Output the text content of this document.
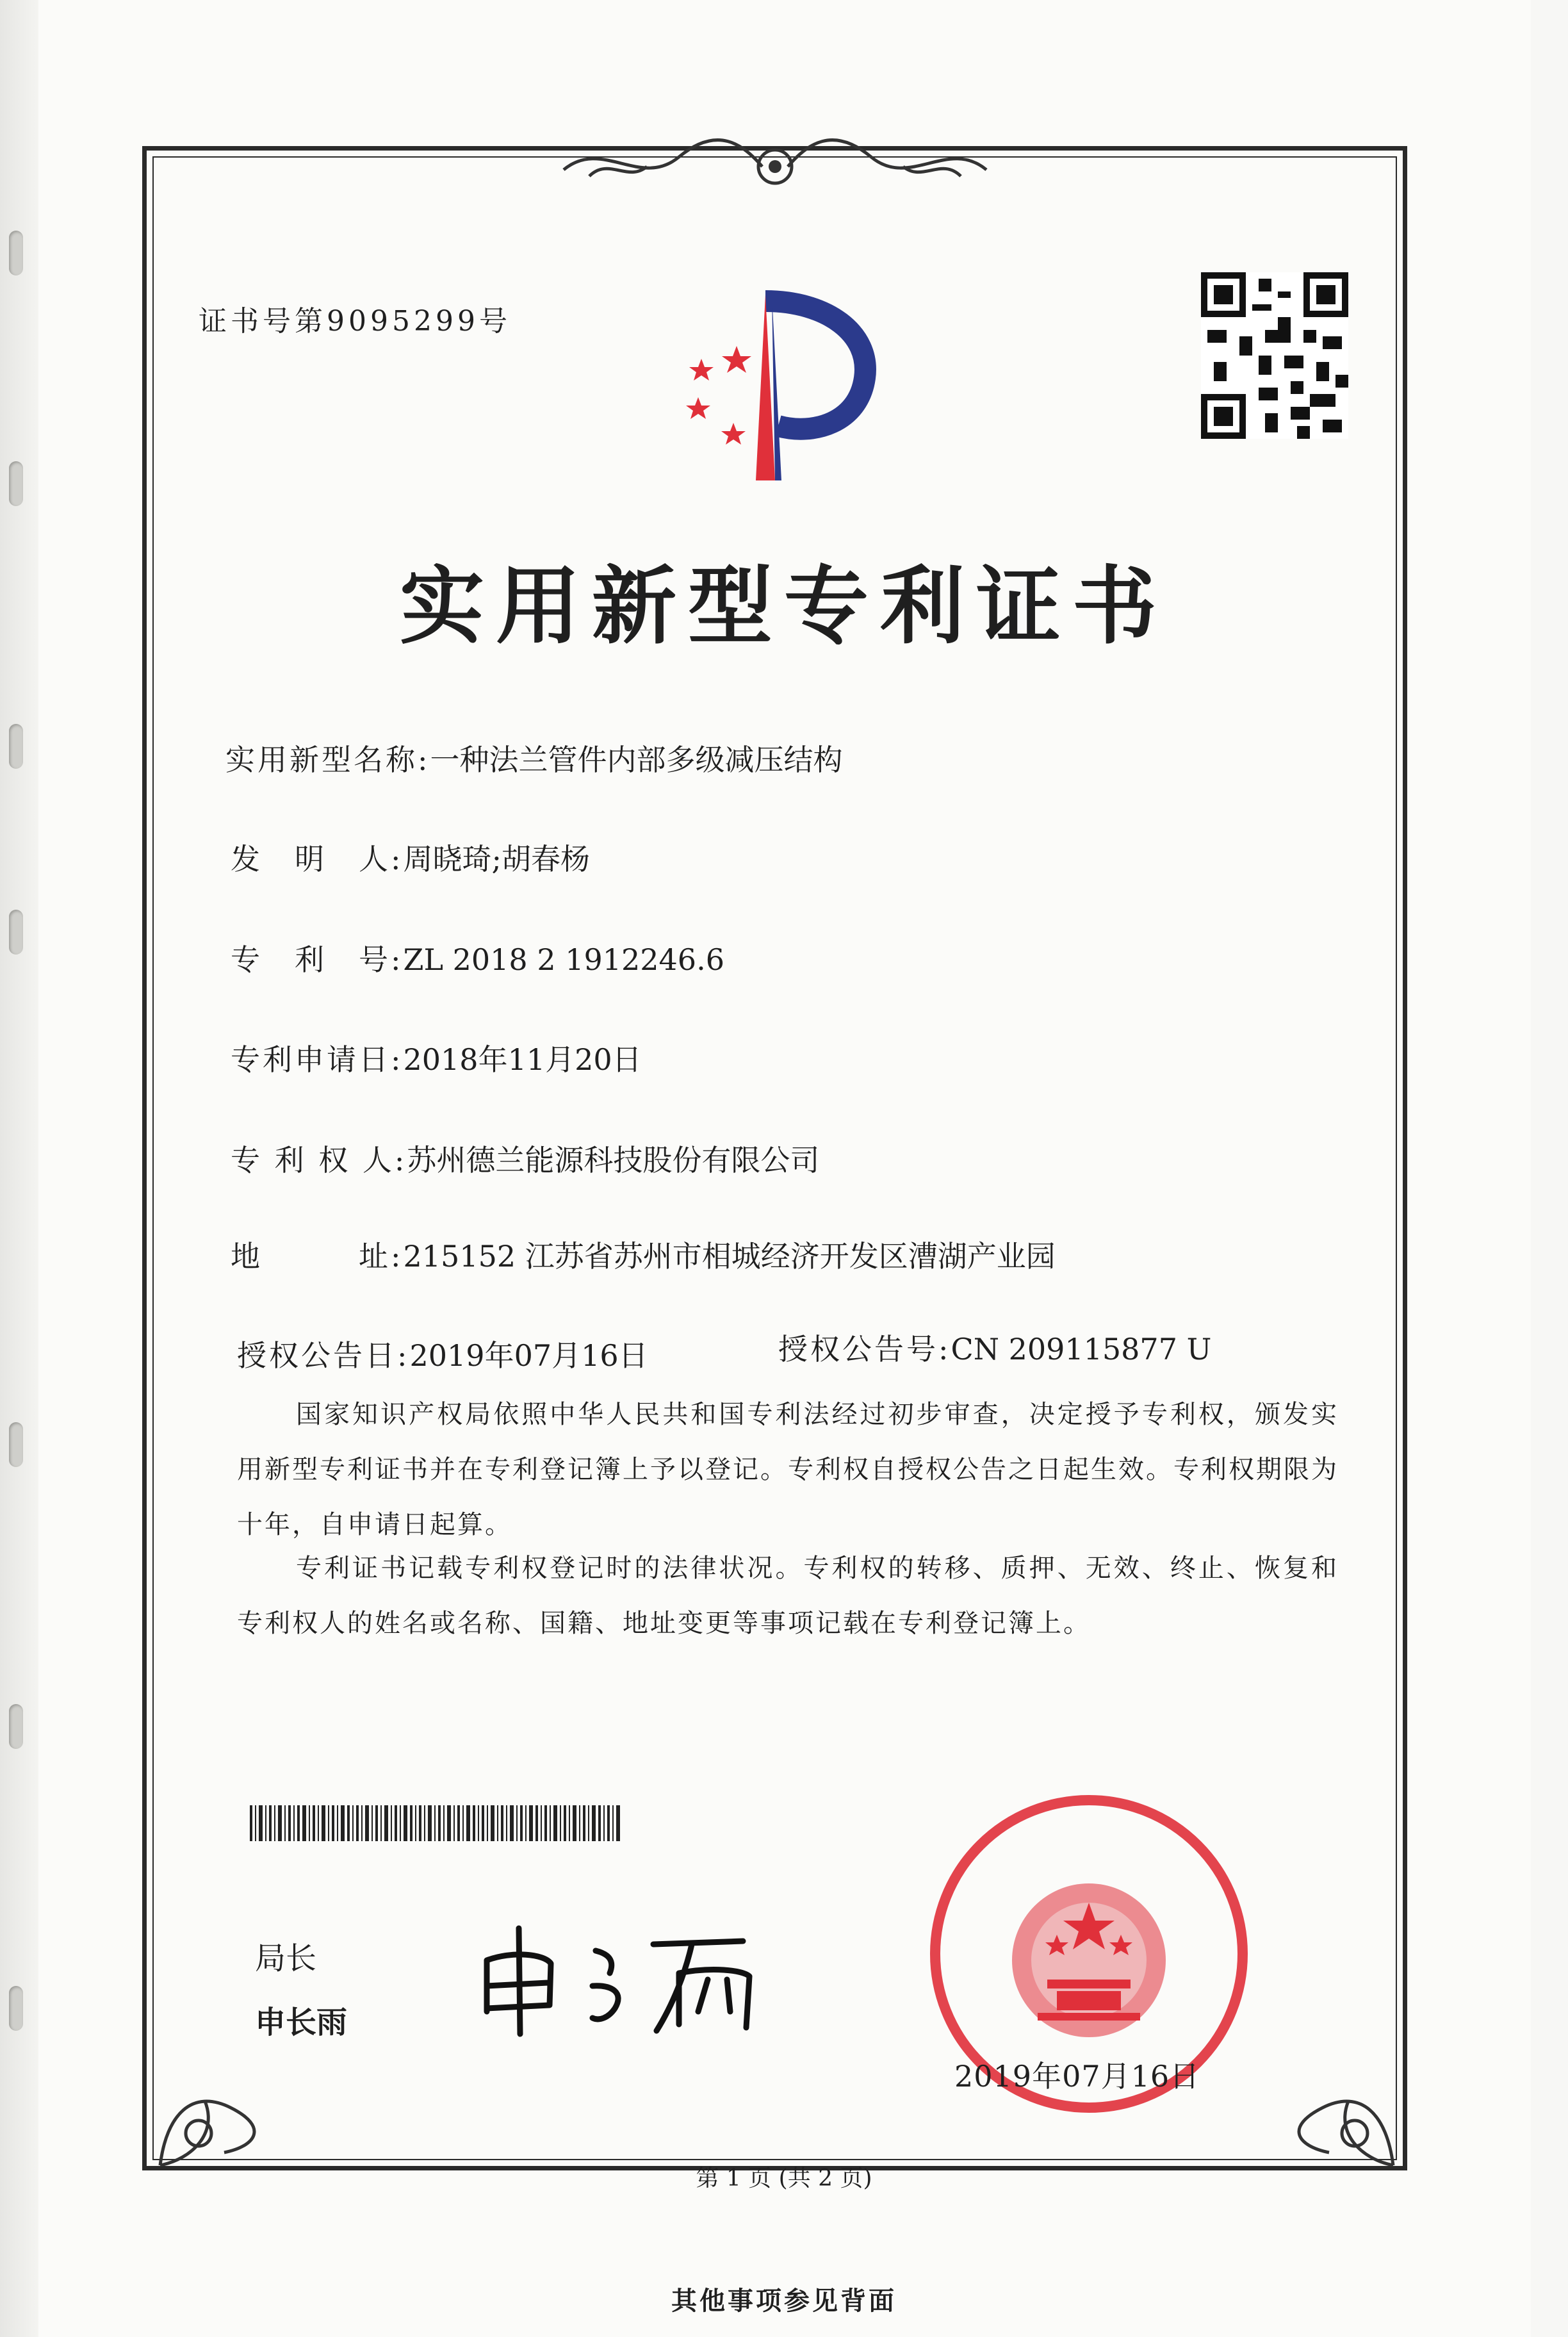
证书号第9095299号
实用新型专利证书
实用新型名称:一种法兰管件内部多级减压结构
发　明　人:周晓琦;胡春杨
专　利　号:ZL 2018 2 1912246.6
专利申请日:2018年11月20日
专 利 权 人:苏州德兰能源科技股份有限公司
地　　　址:215152 江苏省苏州市相城经济开发区漕湖产业园
授权公告日:2019年07月16日	授权公告号:CN 209115877 U
国家知识产权局依照中华人民共和国专利法经过初步审查，决定授予专利权，颁发实用新型专利证书并在专利登记簿上予以登记。专利权自授权公告之日起生效。专利权期限为十年，自申请日起算。
专利证书记载专利权登记时的法律状况。专利权的转移、质押、无效、终止、恢复和专利权人的姓名或名称、国籍、地址变更等事项记载在专利登记簿上。
局长
申长雨
2019年07月16日
第 1 页 (共 2 页)
其他事项参见背面
